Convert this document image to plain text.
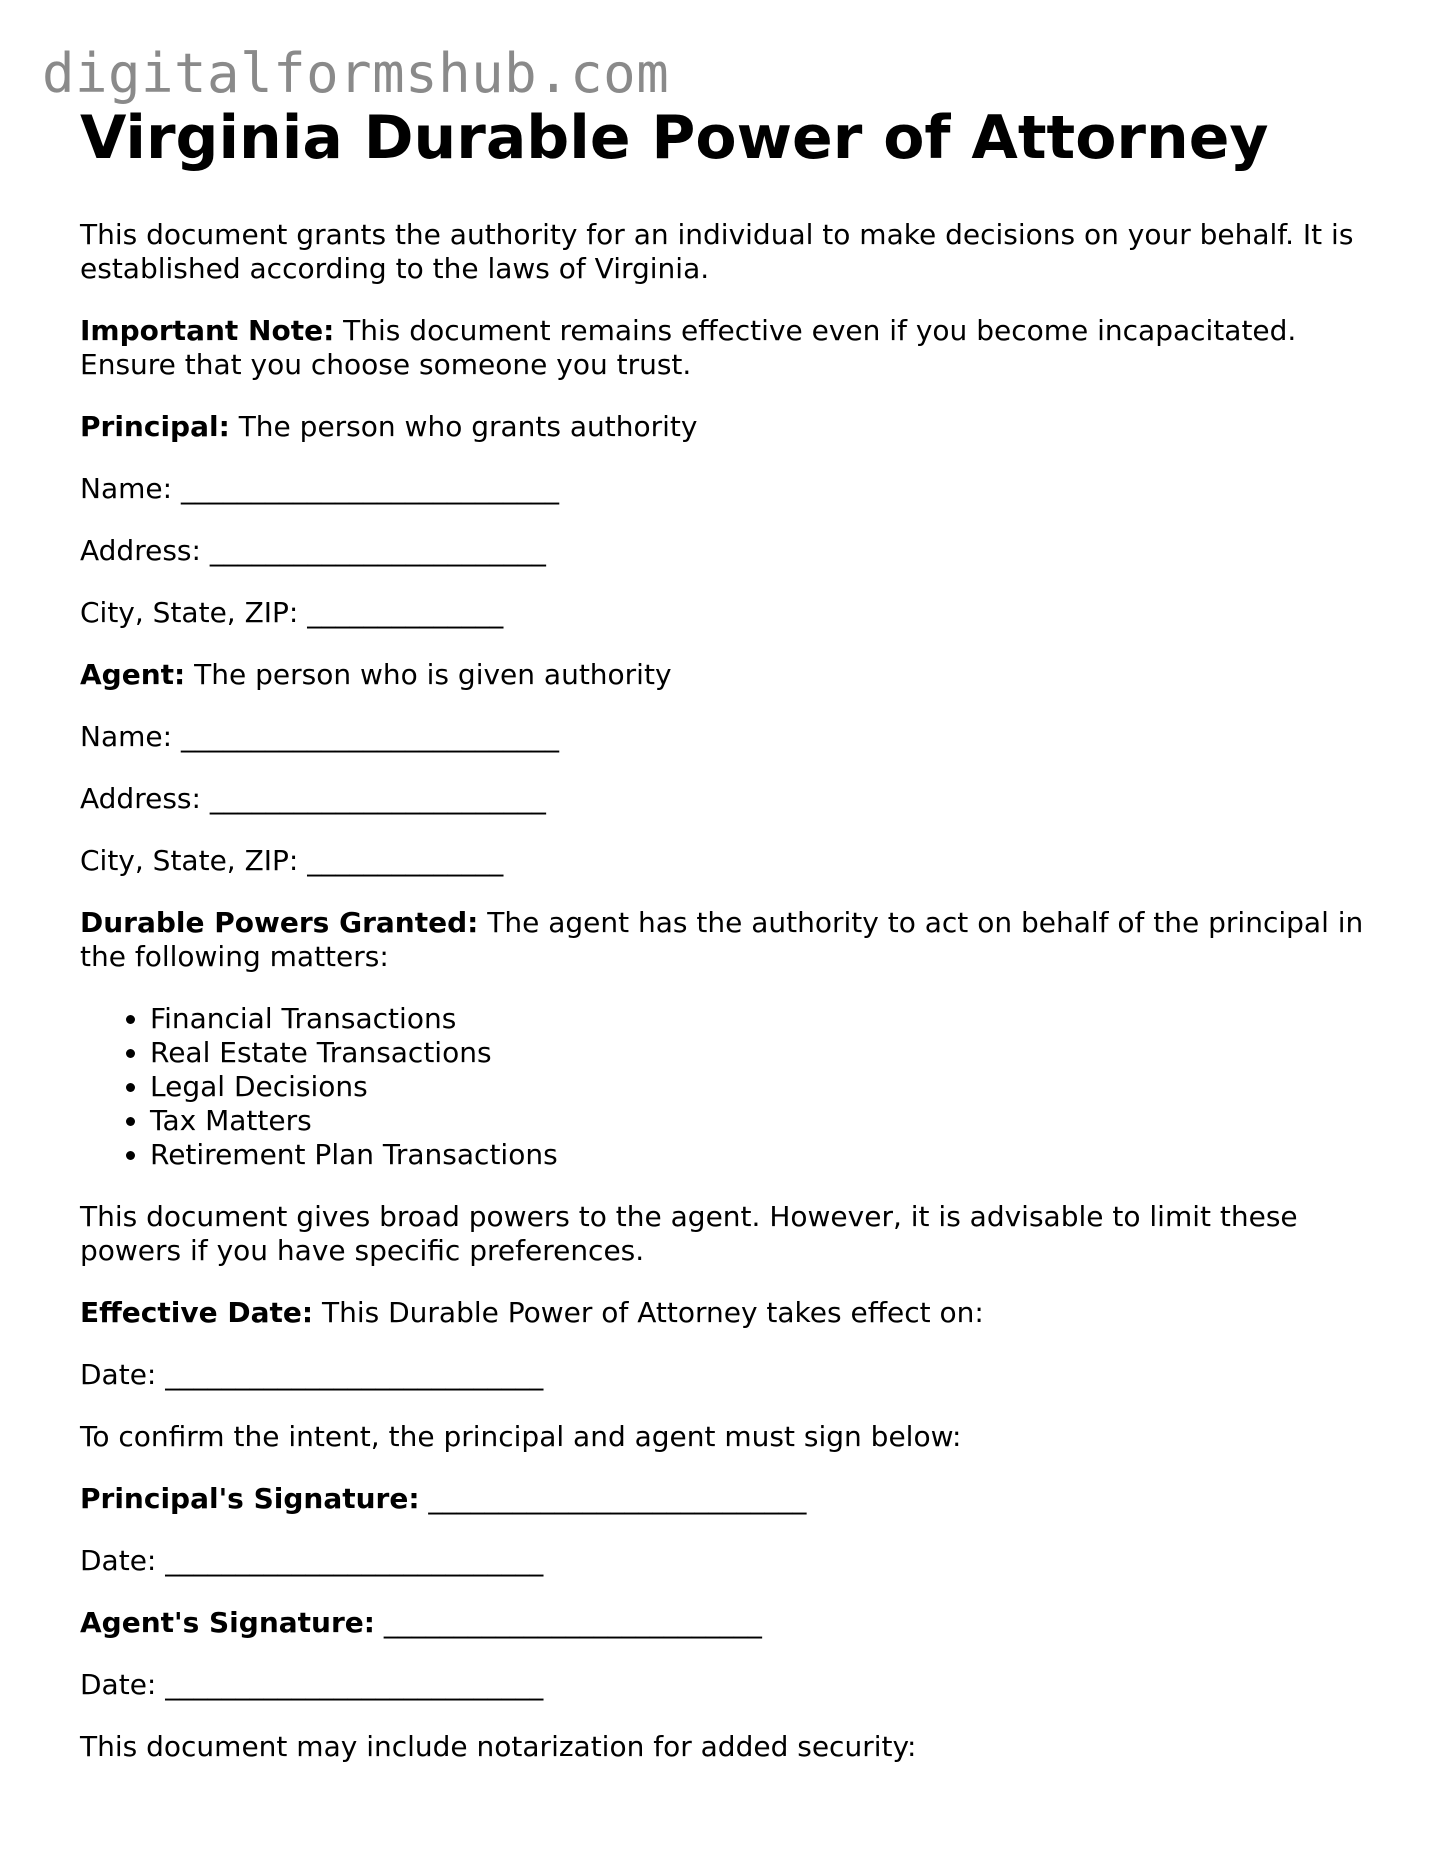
digitalformshub.com
Virginia Durable Power of Attorney

This document grants the authority for an individual to make decisions on your behalf. It is established according to the laws of Virginia.

Important Note: This document remains effective even if you become incapacitated. Ensure that you choose someone you trust.

Principal: The person who grants authority

Name: ___________________________

Address: ________________________

City, State, ZIP: ______________

Agent: The person who is given authority

Name: ___________________________

Address: ________________________

City, State, ZIP: ______________

Durable Powers Granted: The agent has the authority to act on behalf of the principal in the following matters:

• Financial Transactions
• Real Estate Transactions
• Legal Decisions
• Tax Matters
• Retirement Plan Transactions

This document gives broad powers to the agent. However, it is advisable to limit these powers if you have specific preferences.

Effective Date: This Durable Power of Attorney takes effect on:

Date: ___________________________

To confirm the intent, the principal and agent must sign below:

Principal's Signature: ___________________________

Date: ___________________________

Agent's Signature: ___________________________

Date: ___________________________

This document may include notarization for added security:
